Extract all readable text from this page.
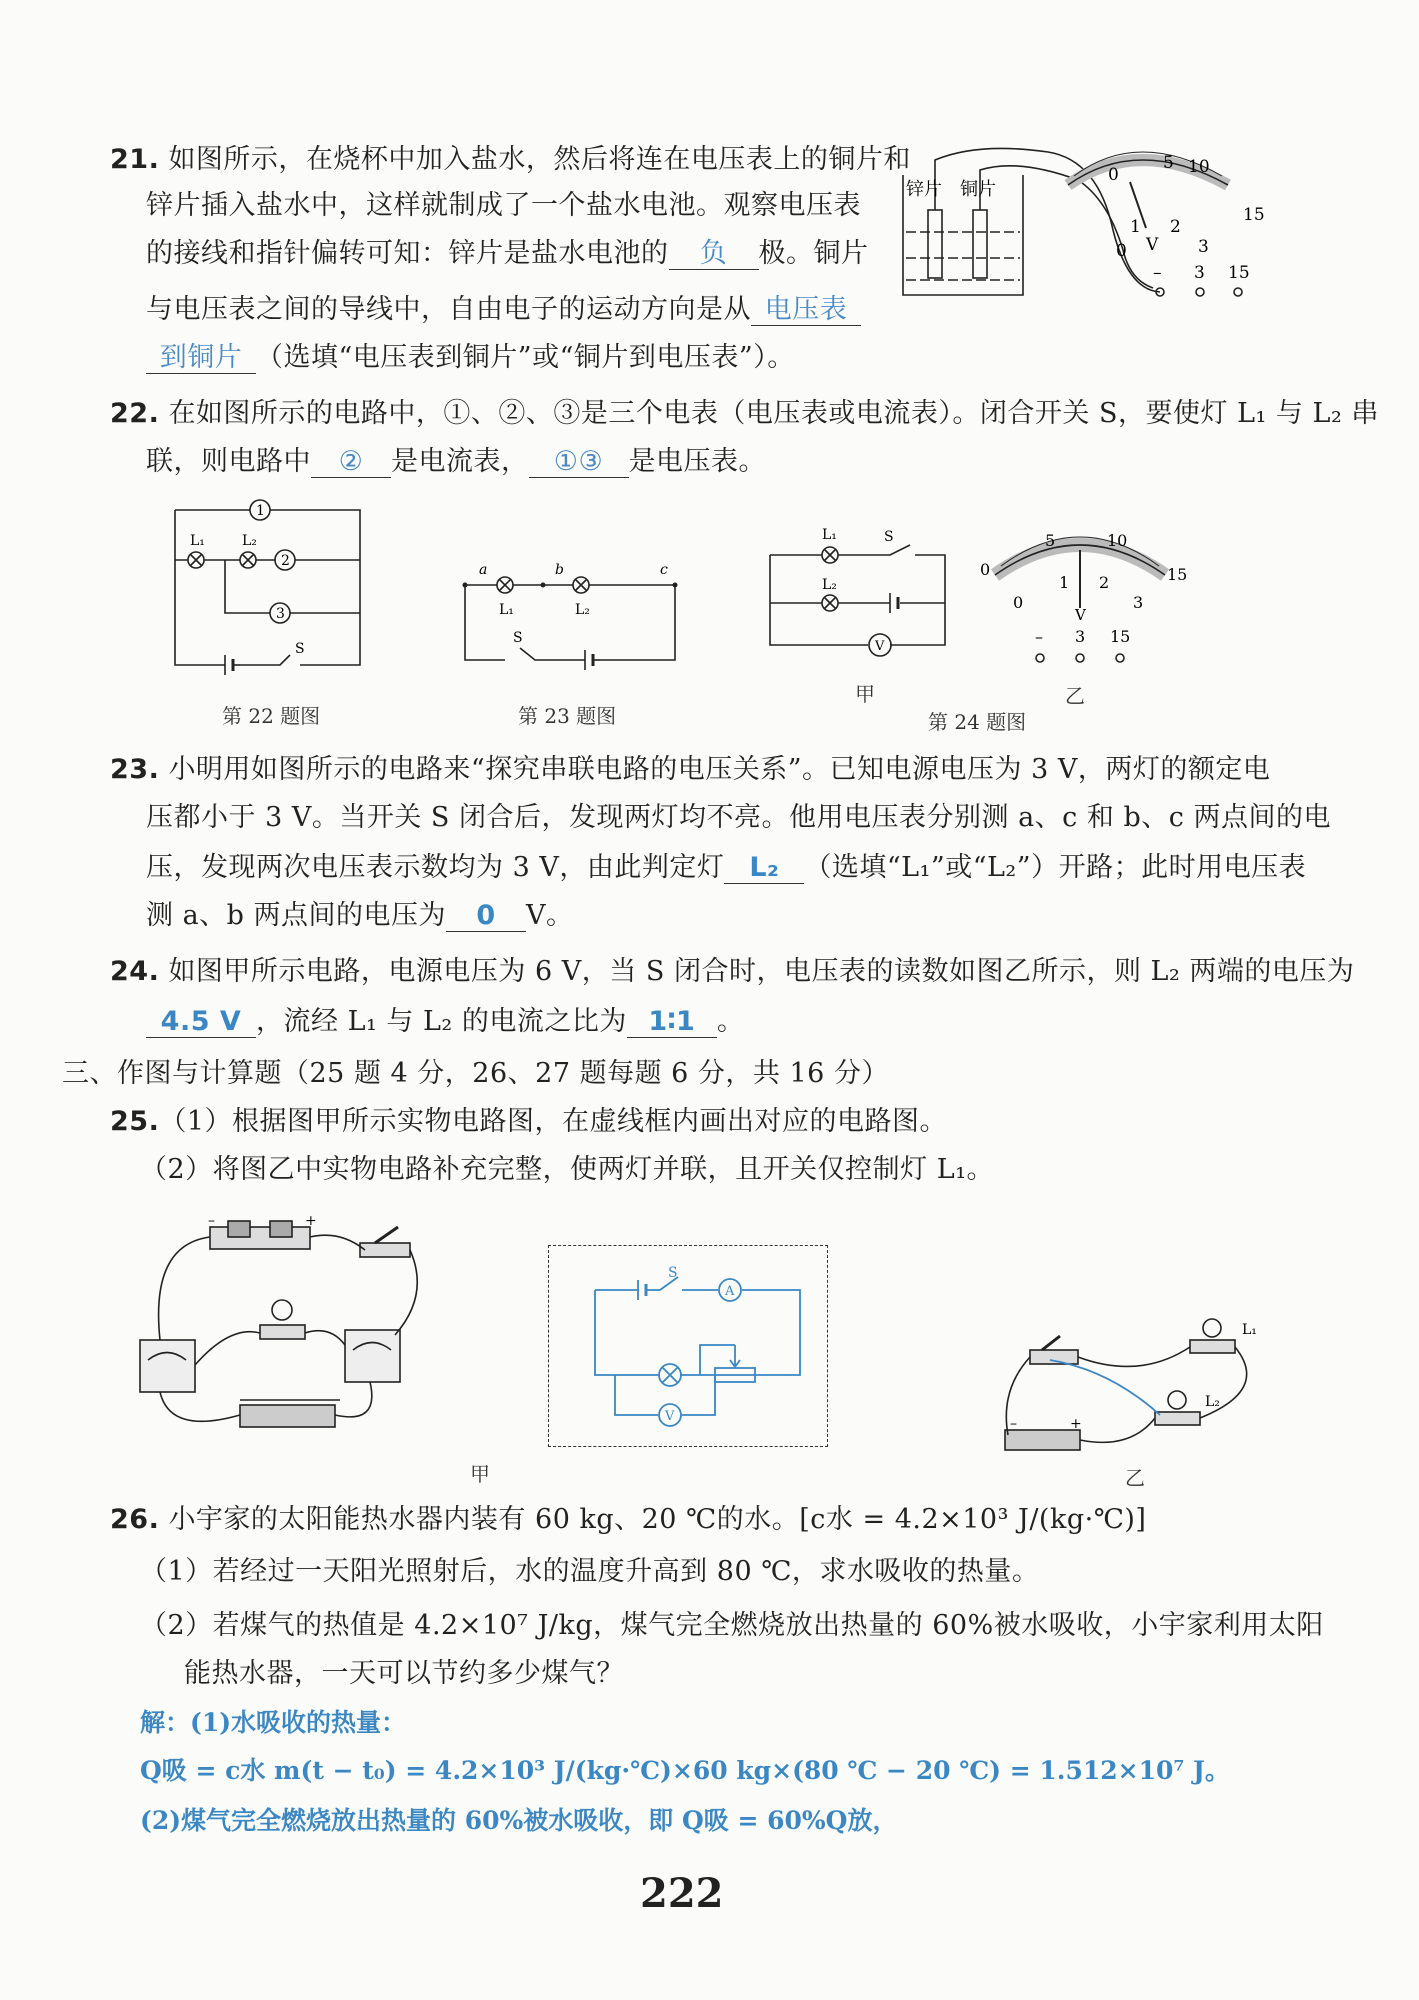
21. 如图所示，在烧杯中加入盐水，然后将连在电压表上的铜片和
锌片插入盐水中，这样就制成了一个盐水电池。观察电压表
的接线和指针偏转可知：锌片是盐水电池的 负 极。铜片
与电压表之间的导线中，自由电子的运动方向是从 电压表
到铜片 （选填“电压表到铜片”或“铜片到电压表”）。
锌片 铜片
0
0
5 10
15
1 2
3
V
– 3 15
22. 在如图所示的电路中，①、②、③是三个电表（电压表或电流表）。闭合开关 S，要使灯 L₁ 与 L₂ 串
联，则电路中 ② 是电流表， ①③ 是电压表。
1
2
3
L₁	L₂
S
第 22 题图
a	b	c
L₁	L₂
S
第 23 题图
L₁
L₂
S
V
甲
0
5	10
15
0
1 2
3
V
– 3 15
乙
第 24 题图
23. 小明用如图所示的电路来“探究串联电路的电压关系”。已知电源电压为 3 V，两灯的额定电
压都小于 3 V。当开关 S 闭合后，发现两灯均不亮。他用电压表分别测 a、c 和 b、c 两点间的电
压，发现两次电压表示数均为 3 V，由此判定灯 L₂ （选填“L₁”或“L₂”）开路；此时用电压表
测 a、b 两点间的电压为 0 V。
24. 如图甲所示电路，电源电压为 6 V，当 S 闭合时，电压表的读数如图乙所示，则 L₂ 两端的电压为
4.5 V ，流经 L₁ 与 L₂ 的电流之比为 1∶1 。
三、作图与计算题（25 题 4 分，26、27 题每题 6 分，共 16 分）
25.（1）根据图甲所示实物电路图，在虚线框内画出对应的电路图。
（2）将图乙中实物电路补充完整，使两灯并联，且开关仅控制灯 L₁。
–	+
甲
S
A
V	–	+
L₁
L₂
乙
26. 小宇家的太阳能热水器内装有 60 kg、20 ℃的水。[c水 = 4.2×10³ J/(kg·℃)]
（1）若经过一天阳光照射后，水的温度升高到 80 ℃，求水吸收的热量。
（2）若煤气的热值是 4.2×10⁷ J/kg，煤气完全燃烧放出热量的 60%被水吸收，小宇家利用太阳
能热水器，一天可以节约多少煤气？
解：(1)水吸收的热量：
Q吸 = c水 m(t − t₀) = 4.2×10³ J/(kg·℃)×60 kg×(80 ℃ − 20 ℃) = 1.512×10⁷ J。
(2)煤气完全燃烧放出热量的 60%被水吸收，即 Q吸 = 60%Q放，
222
